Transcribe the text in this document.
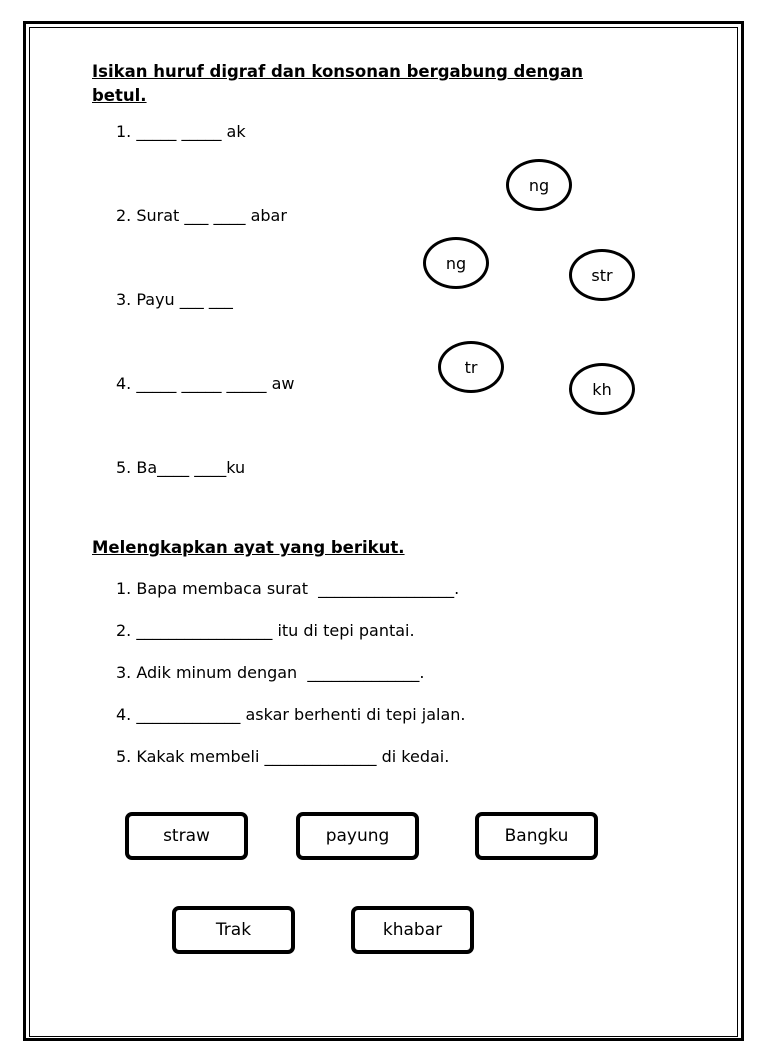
Isikan huruf digraf dan konsonan bergabung dengan
betul.
1. _____ _____ ak
2. Surat ___ ____ abar
3. Payu ___ ___
4. _____ _____ _____ aw
5. Ba____ ____ku
ng
ng
str
tr
kh
Melengkapkan ayat yang berikut.
1. Bapa membaca surat  _________________.
2. _________________ itu di tepi pantai.
3. Adik minum dengan  ______________.
4. _____________ askar berhenti di tepi jalan.
5. Kakak membeli ______________ di kedai.
straw	payung	Bangku
Trak	khabar
